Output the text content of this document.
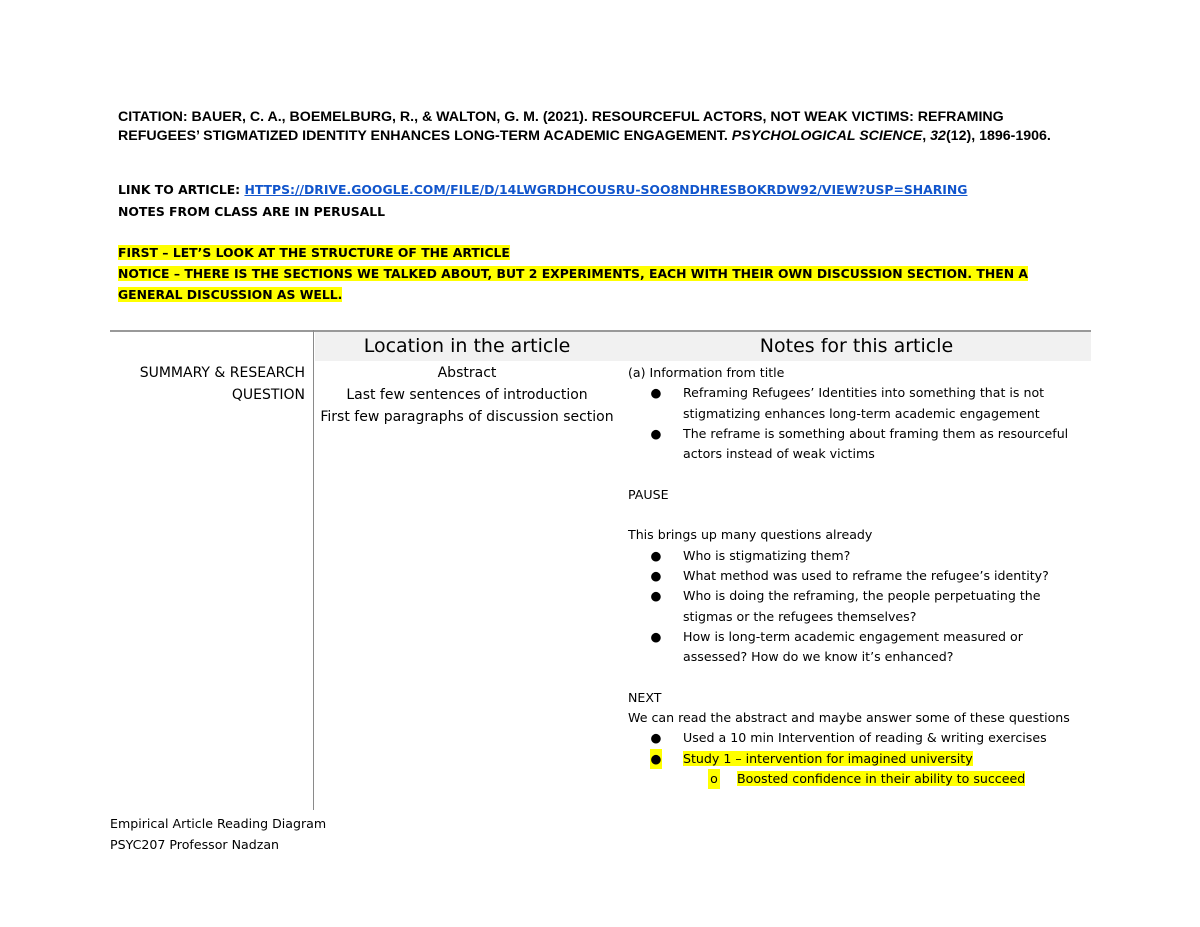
CITATION: BAUER, C. A., BOEMELBURG, R., & WALTON, G. M. (2021). RESOURCEFUL ACTORS, NOT WEAK VICTIMS: REFRAMING REFUGEES’ STIGMATIZED IDENTITY ENHANCES LONG-TERM ACADEMIC ENGAGEMENT. PSYCHOLOGICAL SCIENCE, 32(12), 1896-1906.
LINK TO ARTICLE: HTTPS://DRIVE.GOOGLE.COM/FILE/D/14LWGRDHCOUSRU-SOO8NDHRESBOKRDW92/VIEW?USP=SHARING
NOTES FROM CLASS ARE IN PERUSALL
FIRST – LET’S LOOK AT THE STRUCTURE OF THE ARTICLE
NOTICE – THERE IS THE SECTIONS WE TALKED ABOUT, BUT 2 EXPERIMENTS, EACH WITH THEIR OWN DISCUSSION SECTION. THEN A GENERAL DISCUSSION AS WELL.
Location in the article	Notes for this article
SUMMARY & RESEARCH QUESTION
Abstract
Last few sentences of introduction
First few paragraphs of discussion section

(a) Information from title

● Reframing Refugees’ Identities into something that is not stigmatizing enhances long-term academic engagement
● The reframe is something about framing them as resourceful actors instead of weak victims

PAUSE

This brings up many questions already

● Who is stigmatizing them?
● What method was used to reframe the refugee’s identity?
● Who is doing the reframing, the people perpetuating the stigmas or the refugees themselves?
● How is long-term academic engagement measured or assessed? How do we know it’s enhanced?

NEXT

We can read the abstract and maybe answer some of these questions

● Used a 10 min Intervention of reading & writing exercises
● Study 1 – intervention for imagined university
o Boosted confidence in their ability to succeed
Empirical Article Reading Diagram
PSYC207 Professor Nadzan
